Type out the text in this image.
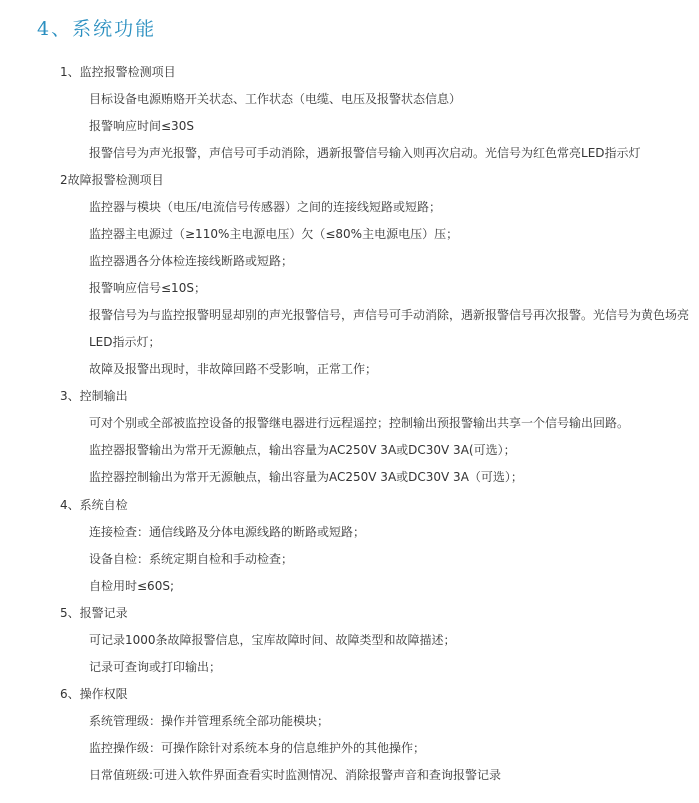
4、系统功能
1、监控报警检测项目
目标设备电源贿赂开关状态、工作状态（电缆、电压及报警状态信息）
报警响应时间≤30S
报警信号为声光报警，声信号可手动消除，遇新报警信号输入则再次启动。光信号为红色常亮LED指示灯
2故障报警检测项目
监控器与模块（电压/电流信号传感器）之间的连接线短路或短路；
监控器主电源过（≥110%主电源电压）欠（≤80%主电源电压）压；
监控器遇各分体检连接线断路或短路；
报警响应信号≤10S；
报警信号为与监控报警明显却别的声光报警信号，声信号可手动消除，遇新报警信号再次报警。光信号为黄色场亮
LED指示灯；
故障及报警出现时，非故障回路不受影响，正常工作；
3、控制输出
可对个别或全部被监控设备的报警继电器进行远程遥控；控制输出预报警输出共享一个信号输出回路。
监控器报警输出为常开无源触点，输出容量为AC250V 3A或DC30V 3A(可选）；
监控器控制输出为常开无源触点，输出容量为AC250V 3A或DC30V 3A（可选）；
4、系统自检
连接检查：通信线路及分体电源线路的断路或短路；
设备自检：系统定期自检和手动检查；
自检用时≤60S;
5、报警记录
可记录1000条故障报警信息，宝库故障时间、故障类型和故障描述；
记录可查询或打印输出；
6、操作权限
系统管理级：操作并管理系统全部功能模块；
监控操作级：可操作除针对系统本身的信息维护外的其他操作；
日常值班级:可进入软件界面查看实时监测情况、消除报警声音和查询报警记录
